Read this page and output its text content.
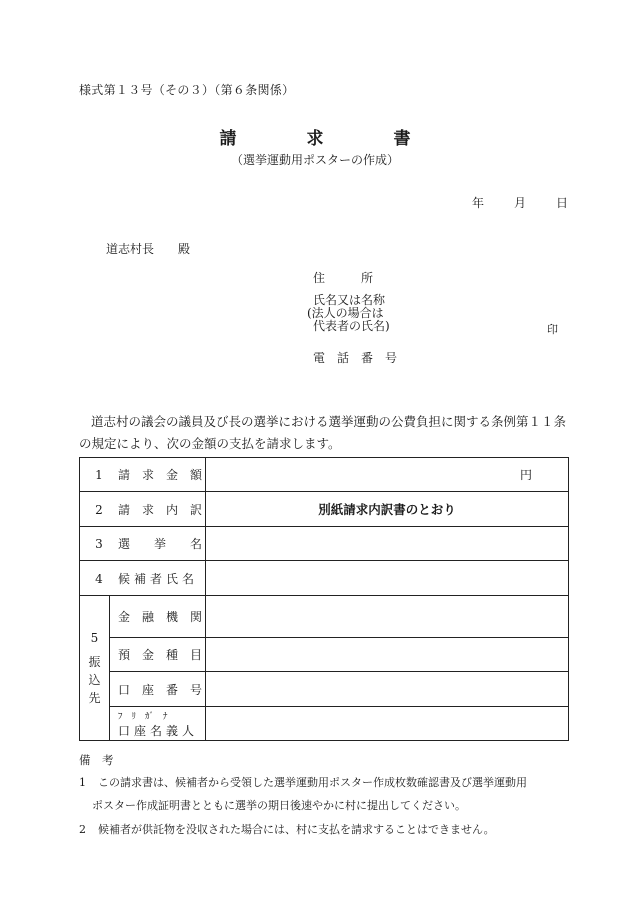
様式第１３号（その３）（第６条関係）
請	求	書
（選挙運動用ポスターの作成）
年	月	日
道志村長　　殿
住　　　所
氏名又は名称
(法人の場合は
代表者の氏名)	印
電　話　番　号
道志村の議会の議員及び長の選挙における選挙運動の公費負担に関する条例第１１条の規定により、次の金額の支払を請求します。
1 請　求　金　額		円
2 請　求　内　訳		別紙請求内訳書のとおり
3 選　　挙　　名		
4 候補者氏名		

5
振
込
先	金　融　機　関	
	預　金　種　目	
	口　座　番　号	

	ﾌ　ﾘ　ｶﾞ　ﾅ
口座名義人	

備　考
1 この請求書は、候補者から受領した選挙運動用ポスター作成枚数確認書及び選挙運動用
ポスター作成証明書とともに選挙の期日後速やかに村に提出してください。
2 候補者が供託物を没収された場合には、村に支払を請求することはできません。
